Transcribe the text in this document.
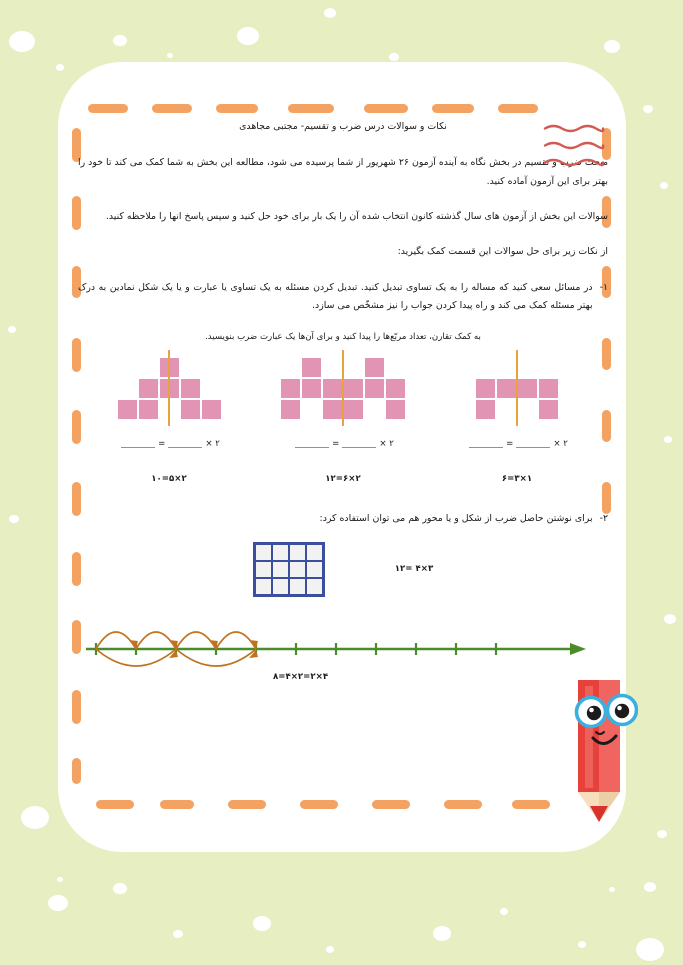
نکات و سوالات درس ضرب و تقسیم- مجتبی مجاهدی

مبحث ضرب و تقسیم در بخش نگاه به آینده آزمون ۲۶ شهریور از شما پرسیده می شود، مطالعه این بخش به شما کمک می کند تا خود را بهتر برای این آزمون آماده کنید.

سوالات این بخش از آزمون های سال گذشته کانون انتخاب شده آن را یک بار برای خود حل کنید و سپس پاسخ انها را ملاحظه کنید.

از نکات زیر برای حل سوالات این قسمت کمک بگیرید:

۱-
در مسائل سعی کنید که مساله را به یک تساوی تبدیل کنید. تبدیل کردن مسئله به یک تساوی یا عبارت و یا یک شکل نمادین به درک بهتر مسئله کمک می کند و راه پیدا کردن جواب را نیز مشخّص می سازد.

به کمک تقارن، تعداد مربّع‌ها را پیدا کنید و برای آن‌ها یک عبارت ضرب بنویسید.

۲ ×=
۲×۵=۱۰
۲ ×=
۲×۶=۱۲
۲ ×=
۱×۳=۶
۲-
برای نوشتن حاصل ضرب از شکل و یا محور هم می توان استفاده کرد:
۳×۴ =۱۲
۴×۲=۲×۴=۸
